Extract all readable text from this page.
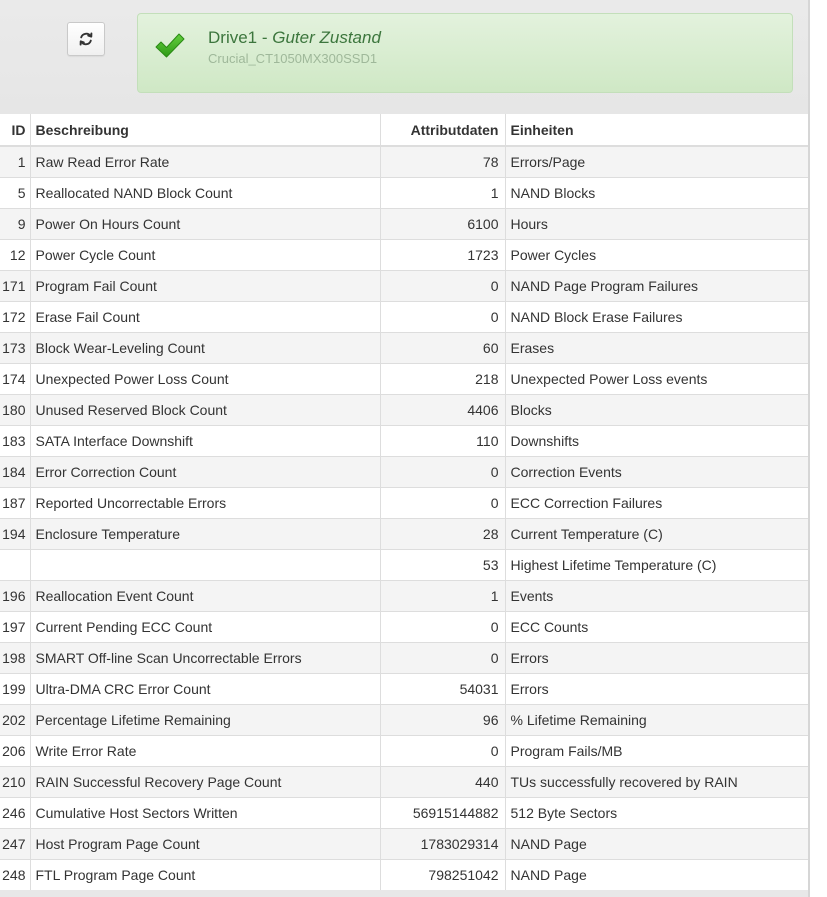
Drive1 - Guter Zustand
Crucial_CT1050MX300SSD1
ID	Beschreibung	Attributdaten	Einheiten
1	Raw Read Error Rate	78	Errors/Page
5	Reallocated NAND Block Count	1	NAND Blocks
9	Power On Hours Count	6100	Hours
12	Power Cycle Count	1723	Power Cycles
171	Program Fail Count	0	NAND Page Program Failures
172	Erase Fail Count	0	NAND Block Erase Failures
173	Block Wear-Leveling Count	60	Erases
174	Unexpected Power Loss Count	218	Unexpected Power Loss events
180	Unused Reserved Block Count	4406	Blocks
183	SATA Interface Downshift	110	Downshifts
184	Error Correction Count	0	Correction Events
187	Reported Uncorrectable Errors	0	ECC Correction Failures
194	Enclosure Temperature	28	Current Temperature (C)
		53	Highest Lifetime Temperature (C)
196	Reallocation Event Count	1	Events
197	Current Pending ECC Count	0	ECC Counts
198	SMART Off-line Scan Uncorrectable Errors	0	Errors
199	Ultra-DMA CRC Error Count	54031	Errors
202	Percentage Lifetime Remaining	96	% Lifetime Remaining
206	Write Error Rate	0	Program Fails/MB
210	RAIN Successful Recovery Page Count	440	TUs successfully recovered by RAIN
246	Cumulative Host Sectors Written	56915144882	512 Byte Sectors
247	Host Program Page Count	1783029314	NAND Page
248	FTL Program Page Count	798251042	NAND Page
